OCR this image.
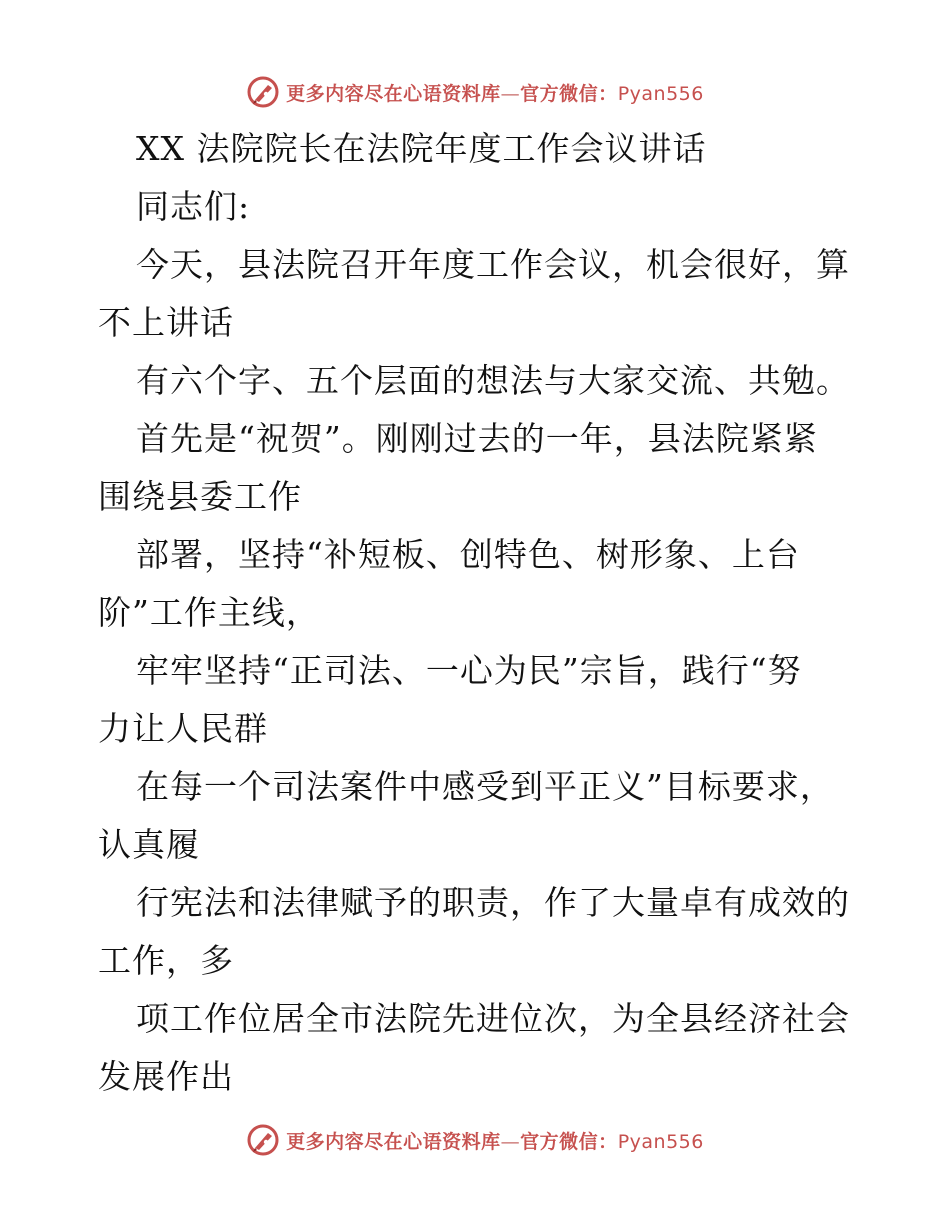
更多内容尽在心语资料库—官方微信：Pyan556
XX 法院院长在法院年度工作会议讲话
同志们:
今天，县法院召开年度工作会议，机会很好，算
不上讲话
有六个字、五个层面的想法与大家交流、共勉。
首先是“祝贺”。刚刚过去的一年，县法院紧紧
围绕县委工作
部署，坚持“补短板、创特色、树形象、上台
阶”工作主线，
牢牢坚持“正司法、一心为民”宗旨，践行“努
力让人民群
在每一个司法案件中感受到平正义”目标要求，
认真履
行宪法和法律赋予的职责，作了大量卓有成效的
工作，多
项工作位居全市法院先进位次，为全县经济社会
发展作出
更多内容尽在心语资料库—官方微信：Pyan556
